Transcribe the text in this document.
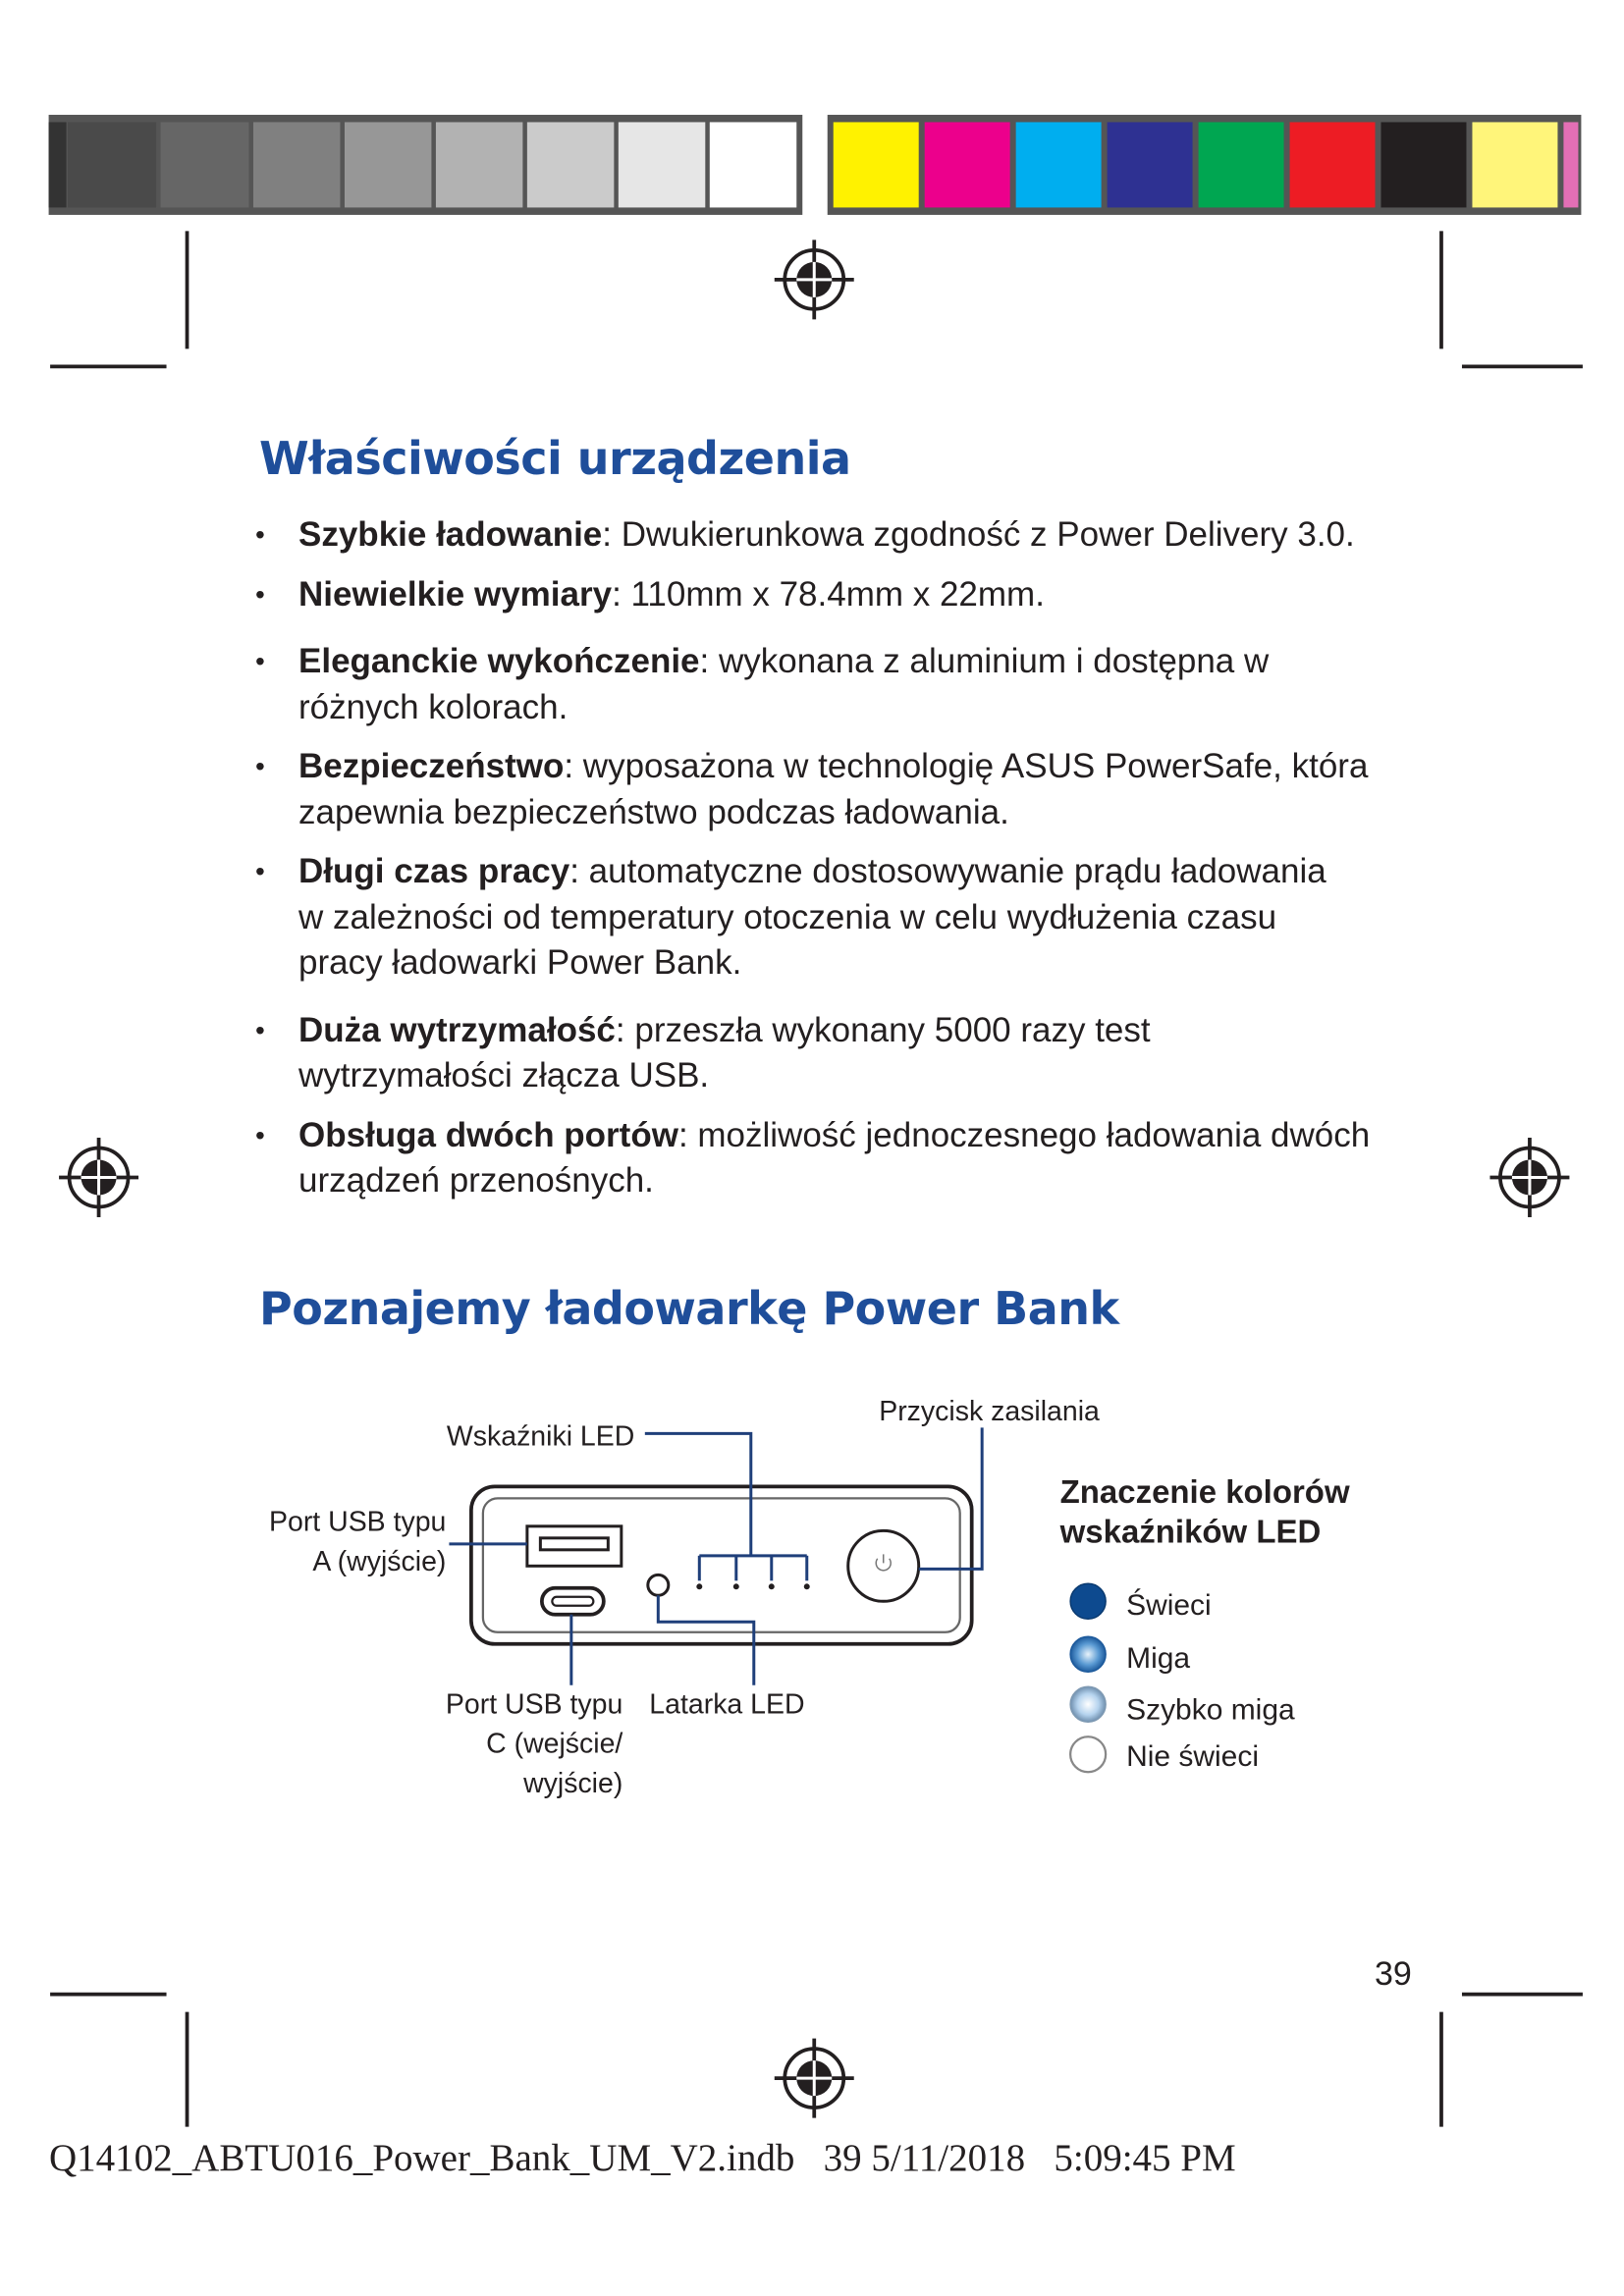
Wskaźniki LED
Przycisk zasilania
Port USB typu
A (wyjście)
Port USB typu
C (wejście/
wyjście)
Latarka LED
Znaczenie kolorów
wskaźników LED
Świeci
Miga
Szybko miga
Nie świeci
Właściwości urządzenia
• Szybkie ładowanie: Dwukierunkowa zgodność z Power Delivery 3.0.
• Niewielkie wymiary: 110mm x 78.4mm x 22mm.
• Eleganckie wykończenie: wykonana z aluminium i dostępna w
różnych kolorach.
• Bezpieczeństwo: wyposażona w technologię ASUS PowerSafe, która
zapewnia bezpieczeństwo podczas ładowania.
• Długi czas pracy: automatyczne dostosowywanie prądu ładowania
w zależności od temperatury otoczenia w celu wydłużenia czasu
pracy ładowarki Power Bank.
• Duża wytrzymałość: przeszła wykonany 5000 razy test
wytrzymałości złącza USB.
• Obsługa dwóch portów: możliwość jednoczesnego ładowania dwóch
urządzeń przenośnych.
Poznajemy ładowarkę Power Bank
39
Q14102_ABTU016_Power_Bank_UM_V2.indb   39 5/11/2018   5:09:45 PM
